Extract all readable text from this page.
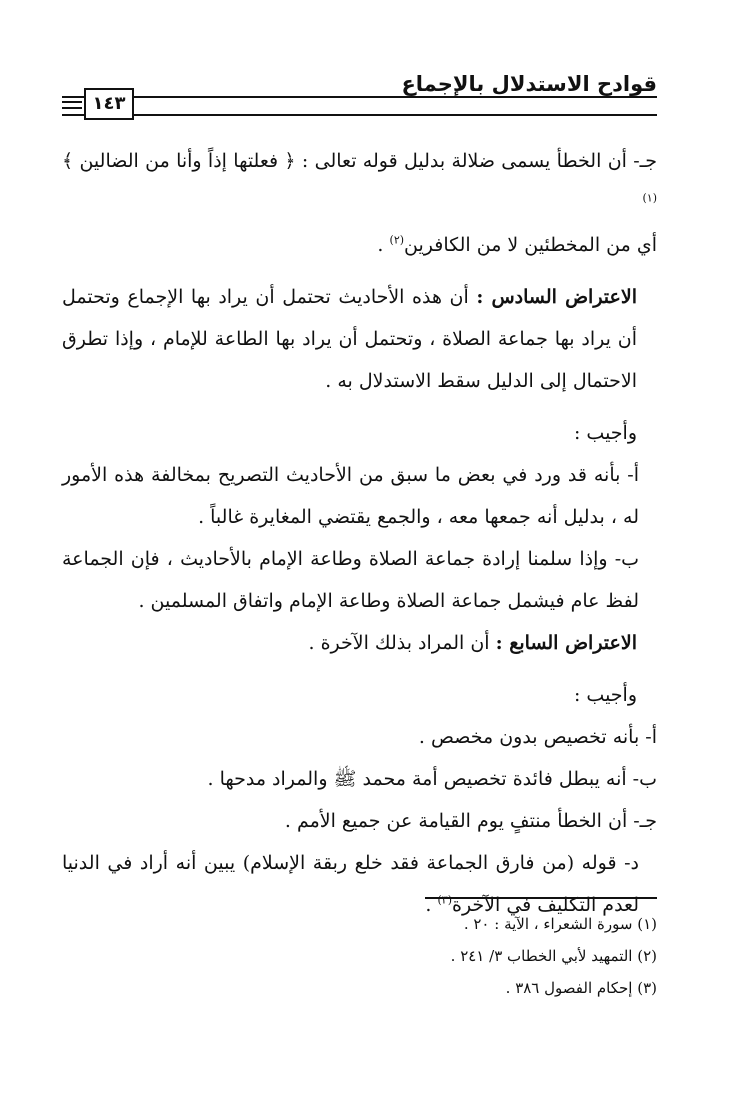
قوادح الاستدلال بالإجماع
١٤٣

جـ- أن الخطأ يسمى ضلالة بدليل قوله تعالى : ﴿ فعلتها إذاً وأنا من الضالين ﴾$^{(١)}$
أي من المخطئين لا من الكافرين$^{(٢)}$ .

الاعتراض السادس : أن هذه الأحاديث تحتمل أن يراد بها الإجماع وتحتمل أن يراد بها جماعة الصلاة ، وتحتمل أن يراد بها الطاعة للإمام ، وإذا تطرق الاحتمال إلى الدليل سقط الاستدلال به .

وأجيب :

أ- بأنه قد ورد في بعض ما سبق من الأحاديث التصريح بمخالفة هذه الأمور له ، بدليل أنه جمعها معه ، والجمع يقتضي المغايرة غالباً .

ب- وإذا سلمنا إرادة جماعة الصلاة وطاعة الإمام بالأحاديث ، فإن الجماعة لفظ عام فيشمل جماعة الصلاة وطاعة الإمام واتفاق المسلمين .

الاعتراض السابع : أن المراد بذلك الآخرة .

وأجيب :

أ- بأنه تخصيص بدون مخصص .

ب- أنه يبطل فائدة تخصيص أمة محمد ﷺ والمراد مدحها .

جـ- أن الخطأ منتفٍ يوم القيامة عن جميع الأمم .

د- قوله (من فارق الجماعة فقد خلع ربقة الإسلام) يبين أنه أراد في الدنيا لعدم التكليف في الآخرة$^{(٣)}$ .

(١) سورة الشعراء ، الآية : ٢٠ .

(٢) التمهيد لأبي الخطاب ٣/ ٢٤١ .

(٣) إحكام الفصول ٣٨٦ .
